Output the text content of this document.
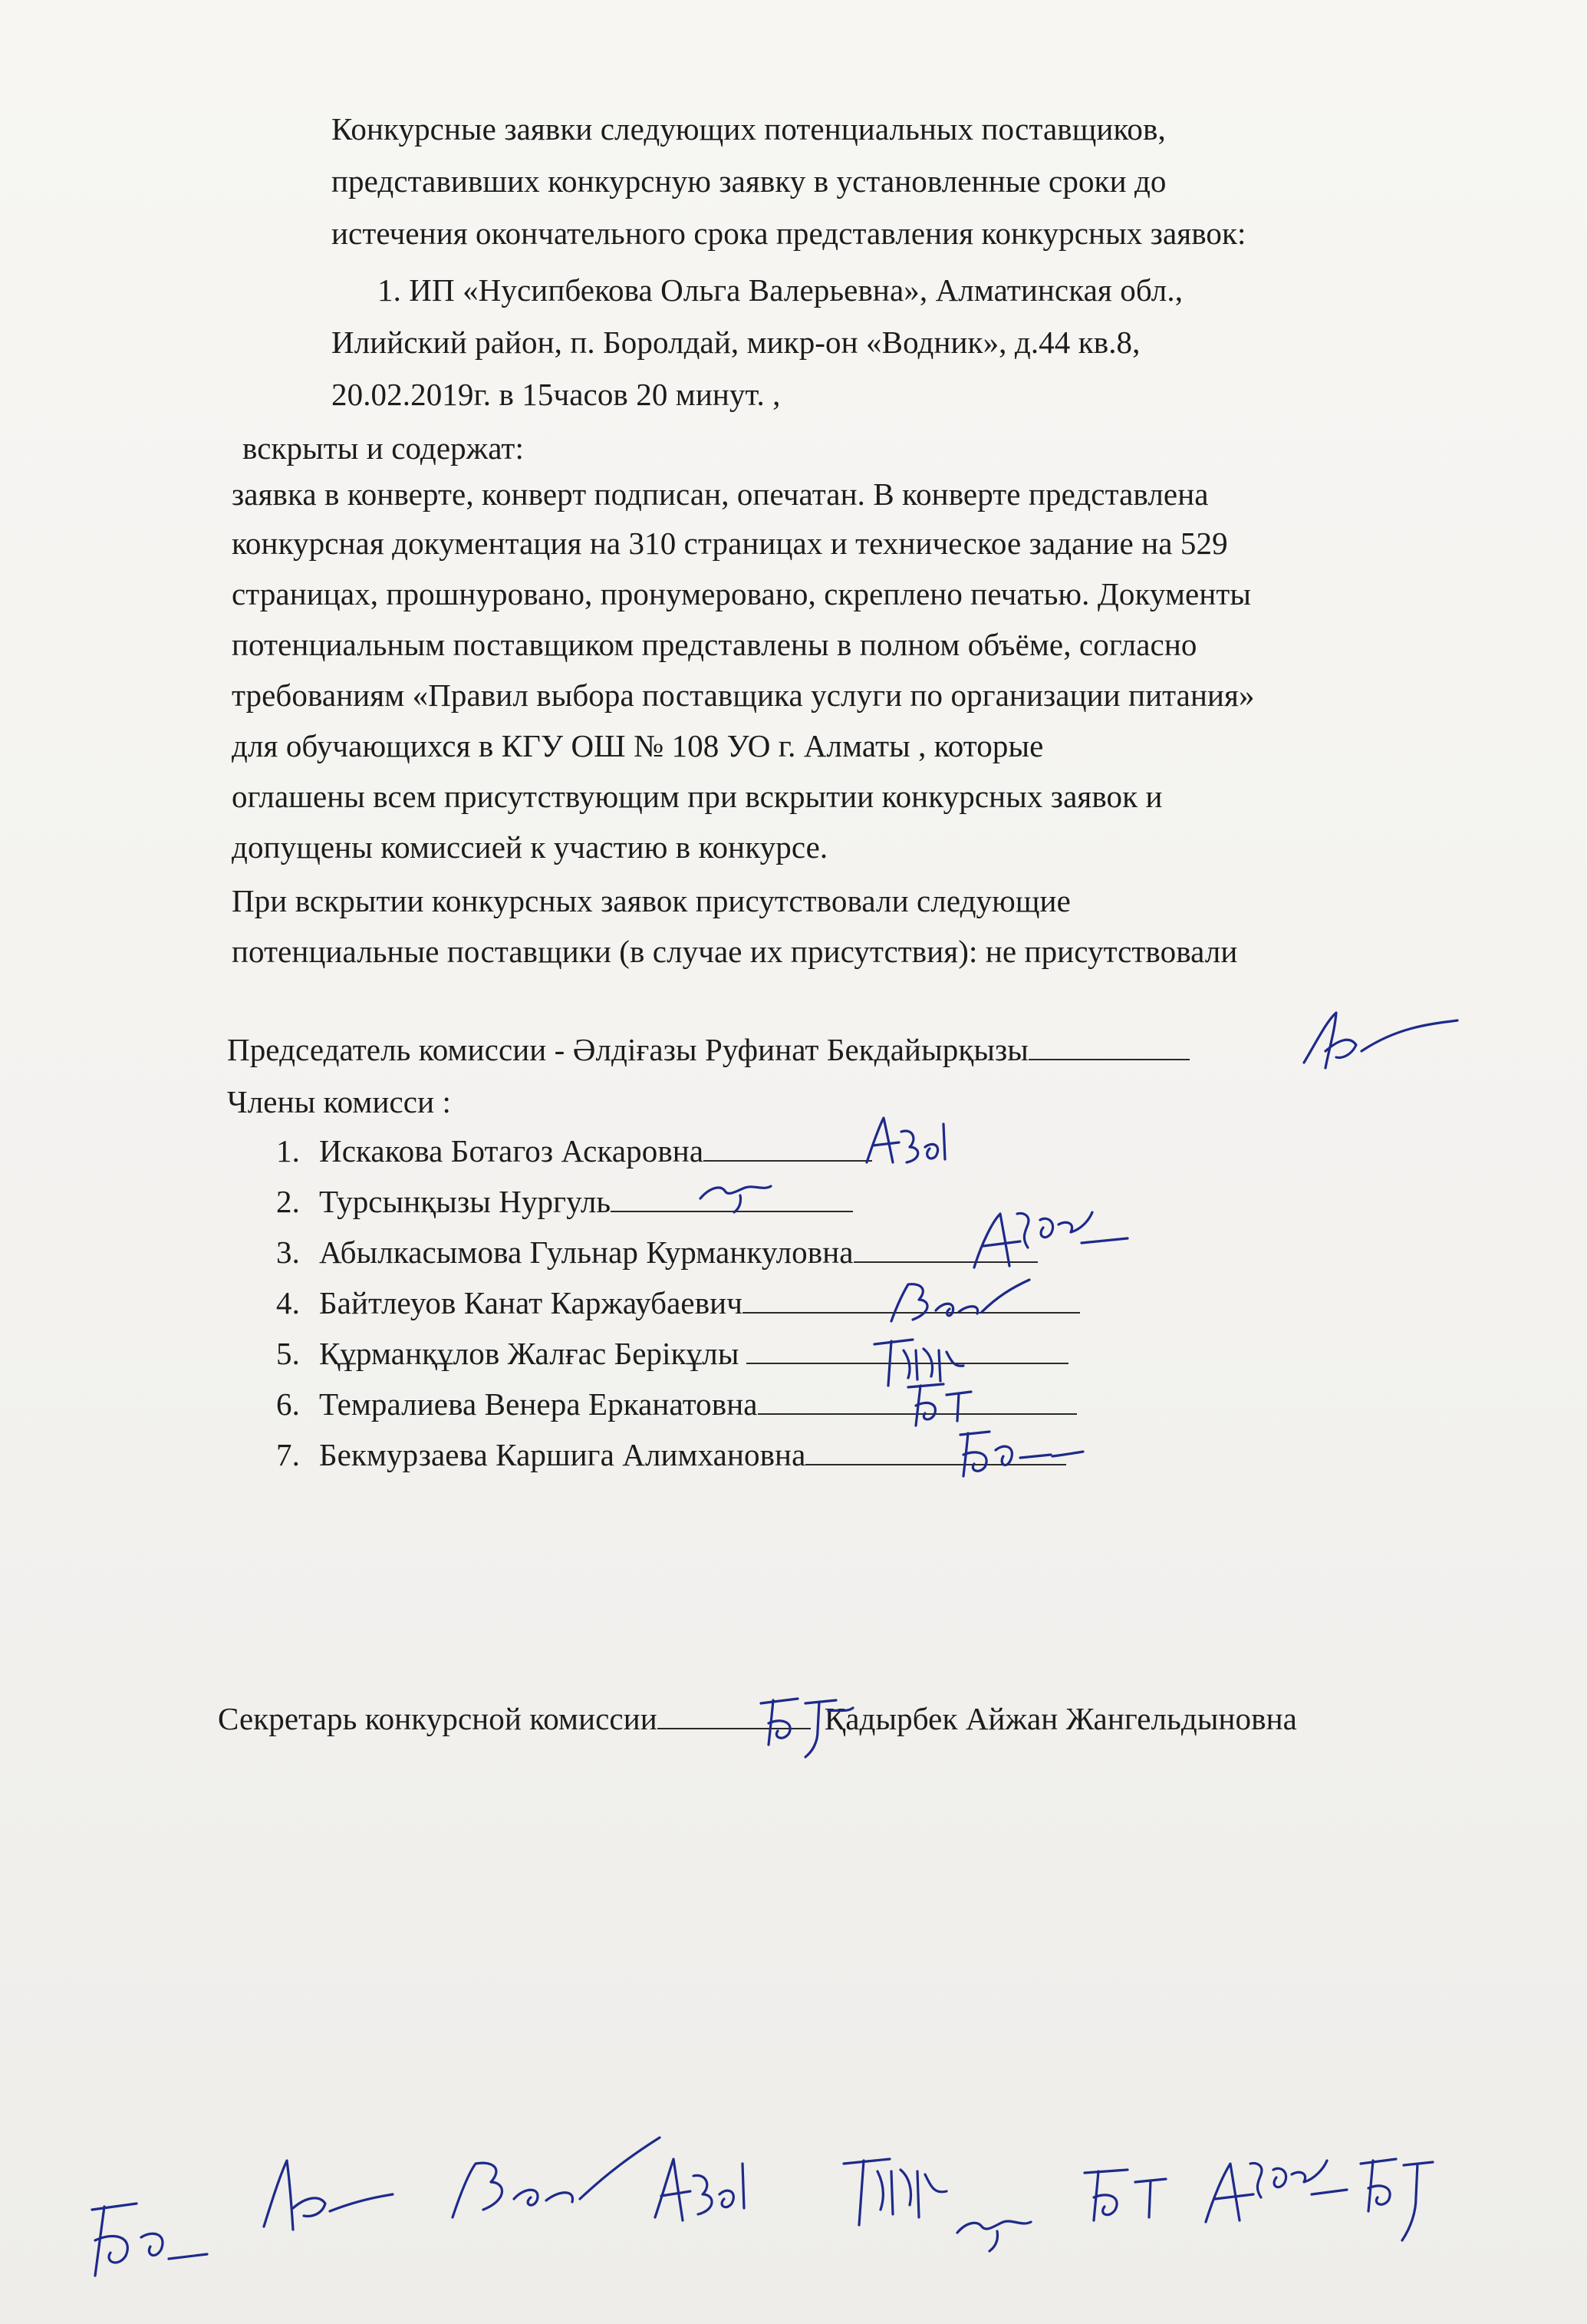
Конкурсные заявки следующих потенциальных поставщиков,
представивших конкурсную заявку в установленные сроки до
истечения окончательного срока представления конкурсных заявок:
1. ИП «Нусипбекова Ольга Валерьевна», Алматинская обл.,
Илийский район, п. Боролдай, микр-он «Водник», д.44 кв.8,
20.02.2019г. в 15часов 20 минут. ,
вскрыты и содержат:
заявка в конверте, конверт подписан, опечатан. В конверте представлена
конкурсная документация на 310 страницах и техническое задание на 529
страницах, прошнуровано, пронумеровано, скреплено печатью. Документы
потенциальным поставщиком представлены в полном объёме, согласно
требованиям «Правил выбора поставщика услуги по организации питания»
для обучающихся в КГУ ОШ № 108 УО г. Алматы , которые
оглашены всем присутствующим при вскрытии конкурсных заявок и
допущены комиссией к участию в конкурсе.
При вскрытии конкурсных заявок присутствовали следующие
потенциальные поставщики (в случае их присутствия): не присутствовали
Председатель комиссии - Әлдіғазы Руфинат Бекдайырқызы
Члены комисси :
1. Искакова Ботагоз Аскаровна
2. Турсынқызы Нургуль
3. Абылкасымова Гульнар Курманкуловна
4. Байтлеуов Канат Каржаубаевич
5. Құрманқұлов Жалғас Берікұлы
6. Темралиева Венера Ерканатовна
7. Бекмурзаева Каршига Алимхановна
Секретарь конкурсной комиссии	Қадырбек Айжан Жангельдыновна
